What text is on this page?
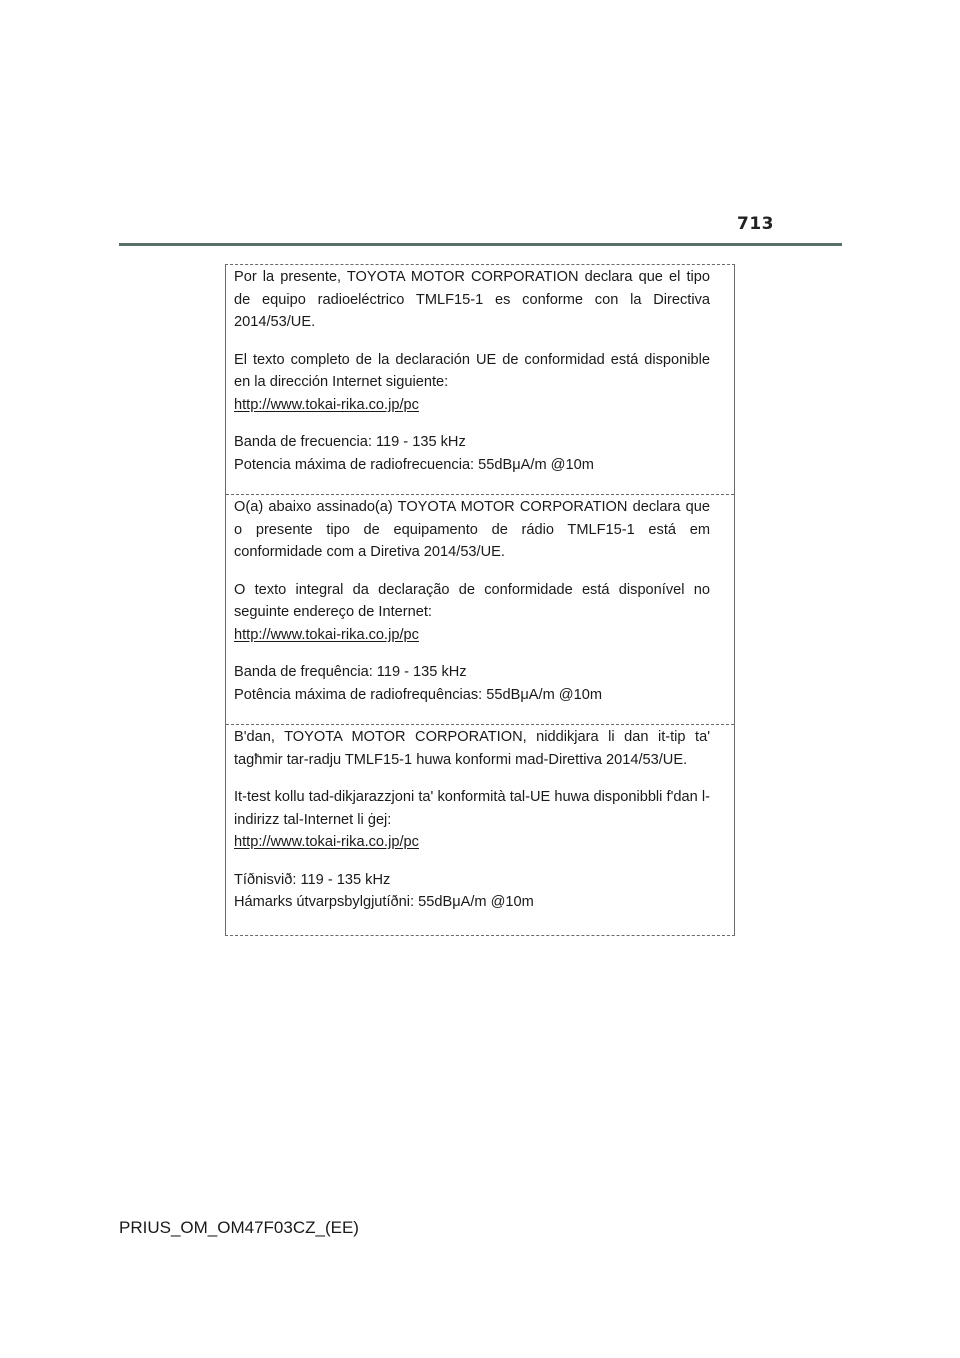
713

Por la presente, TOYOTA MOTOR CORPORATION declara que el tipo de equipo radioeléctrico TMLF15-1 es conforme con la Directiva 2014/53/UE.

El texto completo de la declaración UE de conformidad está disponible en la dirección Internet siguiente:
http://www.tokai-rika.co.jp/pc

Banda de frecuencia: 119 - 135 kHz

Potencia máxima de radiofrecuencia: 55dBμA/m @10m

O(a) abaixo assinado(a) TOYOTA MOTOR CORPORATION declara que o presente tipo de equipamento de rádio TMLF15-1 está em conformidade com a Diretiva 2014/53/UE.

O texto integral da declaração de conformidade está disponível no seguinte endereço de Internet:
http://www.tokai-rika.co.jp/pc

Banda de frequência: 119 - 135 kHz

Potência máxima de radiofrequências: 55dBμA/m @10m

B'dan, TOYOTA MOTOR CORPORATION, niddikjara li dan it-tip ta' tagħmir tar-radju TMLF15-1 huwa konformi mad-Direttiva 2014/53/UE.

It-test kollu tad-dikjarazzjoni ta' konformità tal-UE huwa disponibbli f'dan l-indirizz tal-Internet li ġej:
http://www.tokai-rika.co.jp/pc

Tíðnisvið: 119 - 135 kHz

Hámarks útvarpsbylgjutíðni: 55dBμA/m @10m

PRIUS_OM_OM47F03CZ_(EE)
